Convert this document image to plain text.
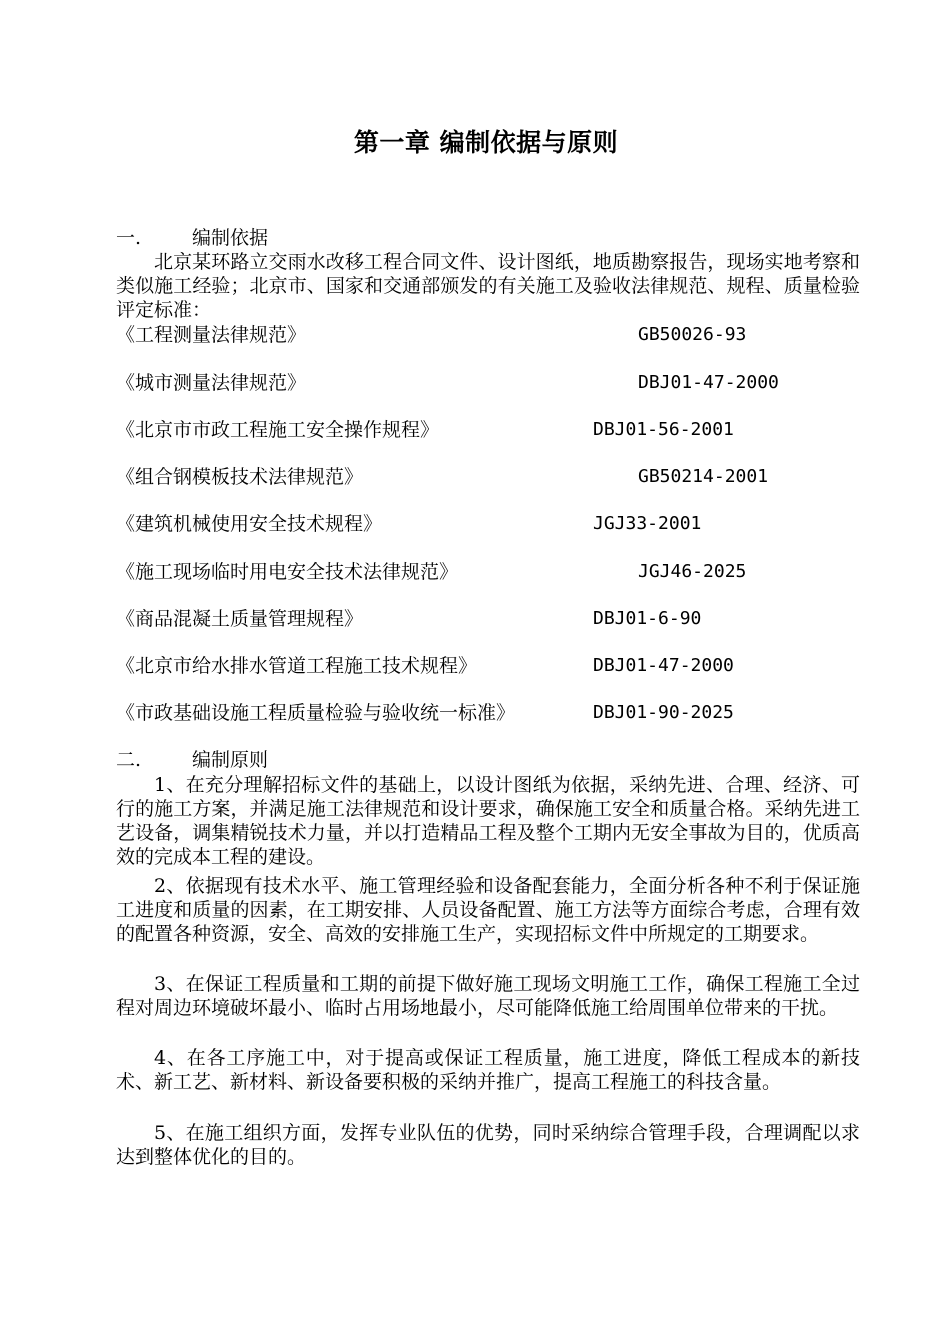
第一章 编制依据与原则
一.	编制依据

北京某环路立交雨水改移工程合同文件、设计图纸，地质勘察报告，现场实地考察和类似施工经验；北京市、国家和交通部颁发的有关施工及验收法律规范、规程、质量检验评定标准：

《工程测量法律规范》	GB50026-93
《城市测量法律规范》	DBJ01-47-2000
《北京市市政工程施工安全操作规程》	DBJ01-56-2001
《组合钢模板技术法律规范》	GB50214-2001
《建筑机械使用安全技术规程》	JGJ33-2001
《施工现场临时用电安全技术法律规范》	JGJ46-2025
《商品混凝土质量管理规程》	DBJ01-6-90
《北京市给水排水管道工程施工技术规程》	DBJ01-47-2000
《市政基础设施工程质量检验与验收统一标准》	DBJ01-90-2025
二.	编制原则

1、在充分理解招标文件的基础上，以设计图纸为依据，采纳先进、合理、经济、可行的施工方案，并满足施工法律规范和设计要求，确保施工安全和质量合格。采纳先进工艺设备，调集精锐技术力量，并以打造精品工程及整个工期内无安全事故为目的，优质高效的完成本工程的建设。

2、依据现有技术水平、施工管理经验和设备配套能力，全面分析各种不利于保证施工进度和质量的因素，在工期安排、人员设备配置、施工方法等方面综合考虑，合理有效的配置各种资源，安全、高效的安排施工生产，实现招标文件中所规定的工期要求。

3、在保证工程质量和工期的前提下做好施工现场文明施工工作，确保工程施工全过程对周边环境破坏最小、临时占用场地最小，尽可能降低施工给周围单位带来的干扰。

4、在各工序施工中，对于提高或保证工程质量，施工进度，降低工程成本的新技术、新工艺、新材料、新设备要积极的采纳并推广，提高工程施工的科技含量。

5、在施工组织方面，发挥专业队伍的优势，同时采纳综合管理手段，合理调配以求达到整体优化的目的。
